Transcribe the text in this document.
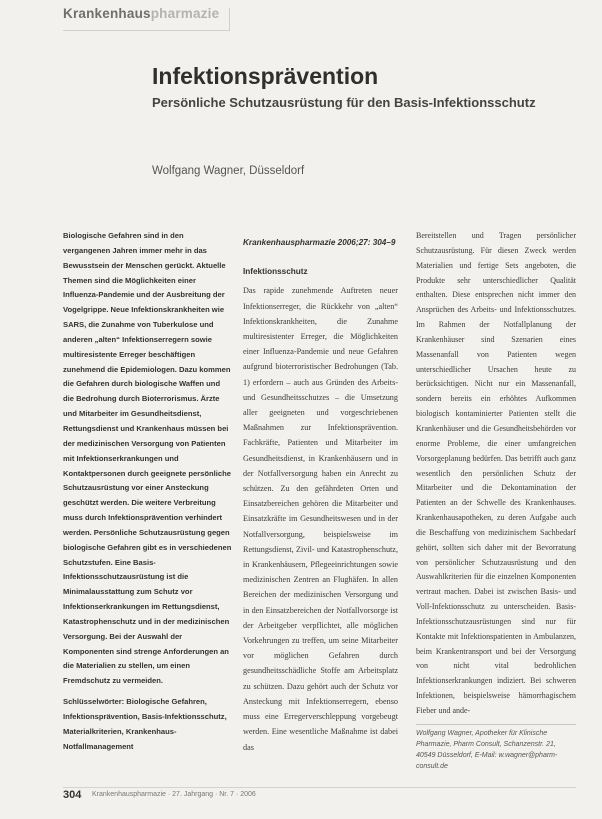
Krankenhauspharmazie
Infektionsprävention
Persönliche Schutzausrüstung für den Basis-Infektionsschutz
Wolfgang Wagner, Düsseldorf

Biologische Gefahren sind in den vergangenen Jahren immer mehr in das Bewusstsein der Menschen gerückt. Aktuelle Themen sind die Möglichkeiten einer Influenza-Pandemie und der Ausbreitung der Vogelgrippe. Neue Infektionskrankheiten wie SARS, die Zunahme von Tuberkulose und anderen „alten“ Infektionserregern sowie multiresistente Erreger beschäftigen zunehmend die Epidemiologen. Dazu kommen die Gefahren durch biologische Waffen und die Bedrohung durch Bioterrorismus. Ärzte und Mitarbeiter im Gesundheitsdienst, Rettungsdienst und Krankenhaus müssen bei der medizinischen Versorgung von Patienten mit Infektionserkrankungen und Kontaktpersonen durch geeignete persönliche Schutzausrüstung vor einer Ansteckung geschützt werden. Die weitere Verbreitung muss durch Infektionsprävention verhindert werden. Persönliche Schutzausrüstung gegen biologische Gefahren gibt es in verschiedenen Schutzstufen. Eine Basis-Infektionsschutzausrüstung ist die Minimalausstattung zum Schutz vor Infektionserkrankungen im Rettungsdienst, Katastrophenschutz und in der medizinischen Versorgung. Bei der Auswahl der Komponenten sind strenge Anforderungen an die Materialien zu stellen, um einen Fremdschutz zu vermeiden.

Schlüsselwörter: Biologische Gefahren, Infektionsprävention, Basis-Infektionsschutz, Materialkriterien, Krankenhaus-Notfallmanagement

Krankenhauspharmazie 2006;27: 304–9
Infektionsschutz
Das rapide zunehmende Auftreten neuer Infektionserreger, die Rückkehr von „alten“ Infektionskrankheiten, die Zunahme multiresistenter Erreger, die Möglichkeiten einer Influenza-Pandemie und neue Gefahren aufgrund bioterroristischer Bedrohungen (Tab. 1) erfordern – auch aus Gründen des Arbeits- und Gesundheitsschutzes – die Umsetzung aller geeigneten und vorgeschriebenen Maßnahmen zur Infektionsprävention. Fachkräfte, Patienten und Mitarbeiter im Gesundheitsdienst, in Krankenhäusern und in der Notfallversorgung haben ein Anrecht zu schützen. Zu den gefährdeten Orten und Einsatzbereichen gehören die Mitarbeiter und Einsatzkräfte im Gesundheitswesen und in der Notfallversorgung, beispielsweise im Rettungsdienst, Zivil- und Katastrophenschutz, in Krankenhäusern, Pflegeeinrichtungen sowie medizinischen Zentren an Flughäfen. In allen Bereichen der medizinischen Versorgung und in den Einsatzbereichen der Notfallvorsorge ist der Arbeitgeber verpflichtet, alle möglichen Vorkehrungen zu treffen, um seine Mitarbeiter vor möglichen Gefahren durch gesundheitsschädliche Stoffe am Arbeitsplatz zu schützen. Dazu gehört auch der Schutz vor Ansteckung mit Infektionserregern, ebenso muss eine Erregerverschleppung vorgebeugt werden. Eine wesentliche Maßnahme ist dabei das
Bereitstellen und Tragen persönlicher Schutzausrüstung. Für diesen Zweck werden Materialien und fertige Sets angeboten, die Produkte sehr unterschiedlicher Qualität enthalten. Diese entsprechen nicht immer den Ansprüchen des Arbeits- und Infektionsschutzes. Im Rahmen der Notfallplanung der Krankenhäuser sind Szenarien eines Massenanfall von Patienten wegen unterschiedlicher Ursachen heute zu berücksichtigen. Nicht nur ein Massenanfall, sondern bereits ein erhöhtes Aufkommen biologisch kontaminierter Patienten stellt die Krankenhäuser und die Gesundheitsbehörden vor enorme Probleme, die einer umfangreichen Vorsorgeplanung bedürfen. Das betrifft auch ganz wesentlich den persönlichen Schutz der Mitarbeiter und die Dekontamination der Patienten an der Schwelle des Krankenhauses. Krankenhausapotheken, zu deren Aufgabe auch die Beschaffung von medizinischem Sachbedarf gehört, sollten sich daher mit der Bevorratung von persönlicher Schutzausrüstung und den Auswahlkriterien für die einzelnen Komponenten vertraut machen. Dabei ist zwischen Basis- und Voll-Infektionsschutz zu unterscheiden. Basis-Infektionsschutzausrüstungen sind nur für Kontakte mit Infektionspatienten in Ambulanzen, beim Krankentransport und bei der Versorgung von nicht vital bedrohlichen Infektionserkrankungen indiziert. Bei schweren Infektionen, beispielsweise hämorrhagischem Fieber und ande-
Wolfgang Wagner, Apotheker für Klinische Pharmazie, Pharm Consult, Schanzenstr. 21, 40549 Düsseldorf, E-Mail: w.wagner@pharm-consult.de
304 Krankenhauspharmazie · 27. Jahrgang · Nr. 7 · 2006
